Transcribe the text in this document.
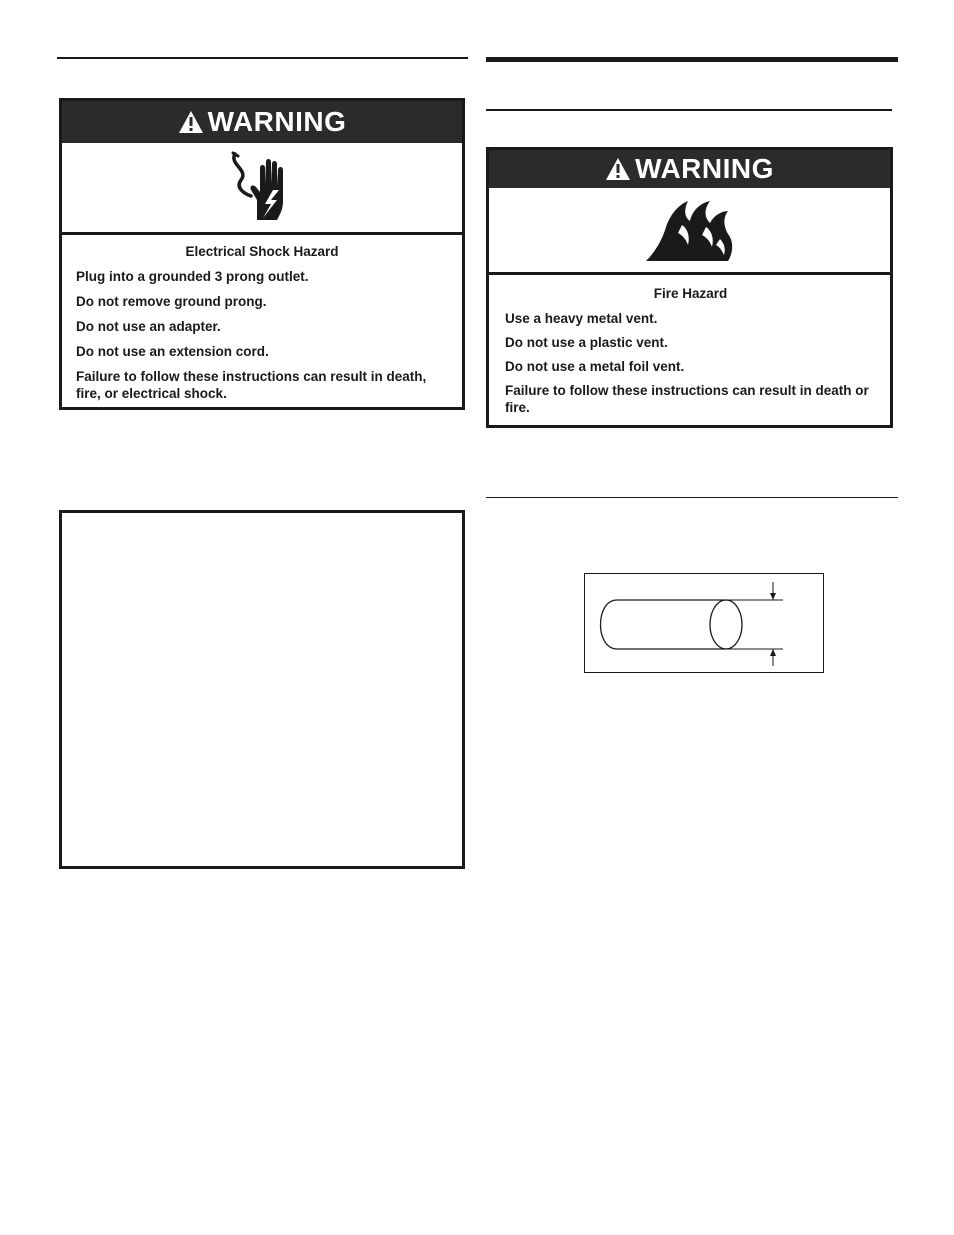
WARNING
Electrical Shock Hazard
Plug into a grounded 3 prong outlet.
Do not remove ground prong.
Do not use an adapter.
Do not use an extension cord.
Failure to follow these instructions can result in death, fire, or electrical shock.
WARNING
Fire Hazard
Use a heavy metal vent.
Do not use a plastic vent.
Do not use a metal foil vent.
Failure to follow these instructions can result in death or fire.
